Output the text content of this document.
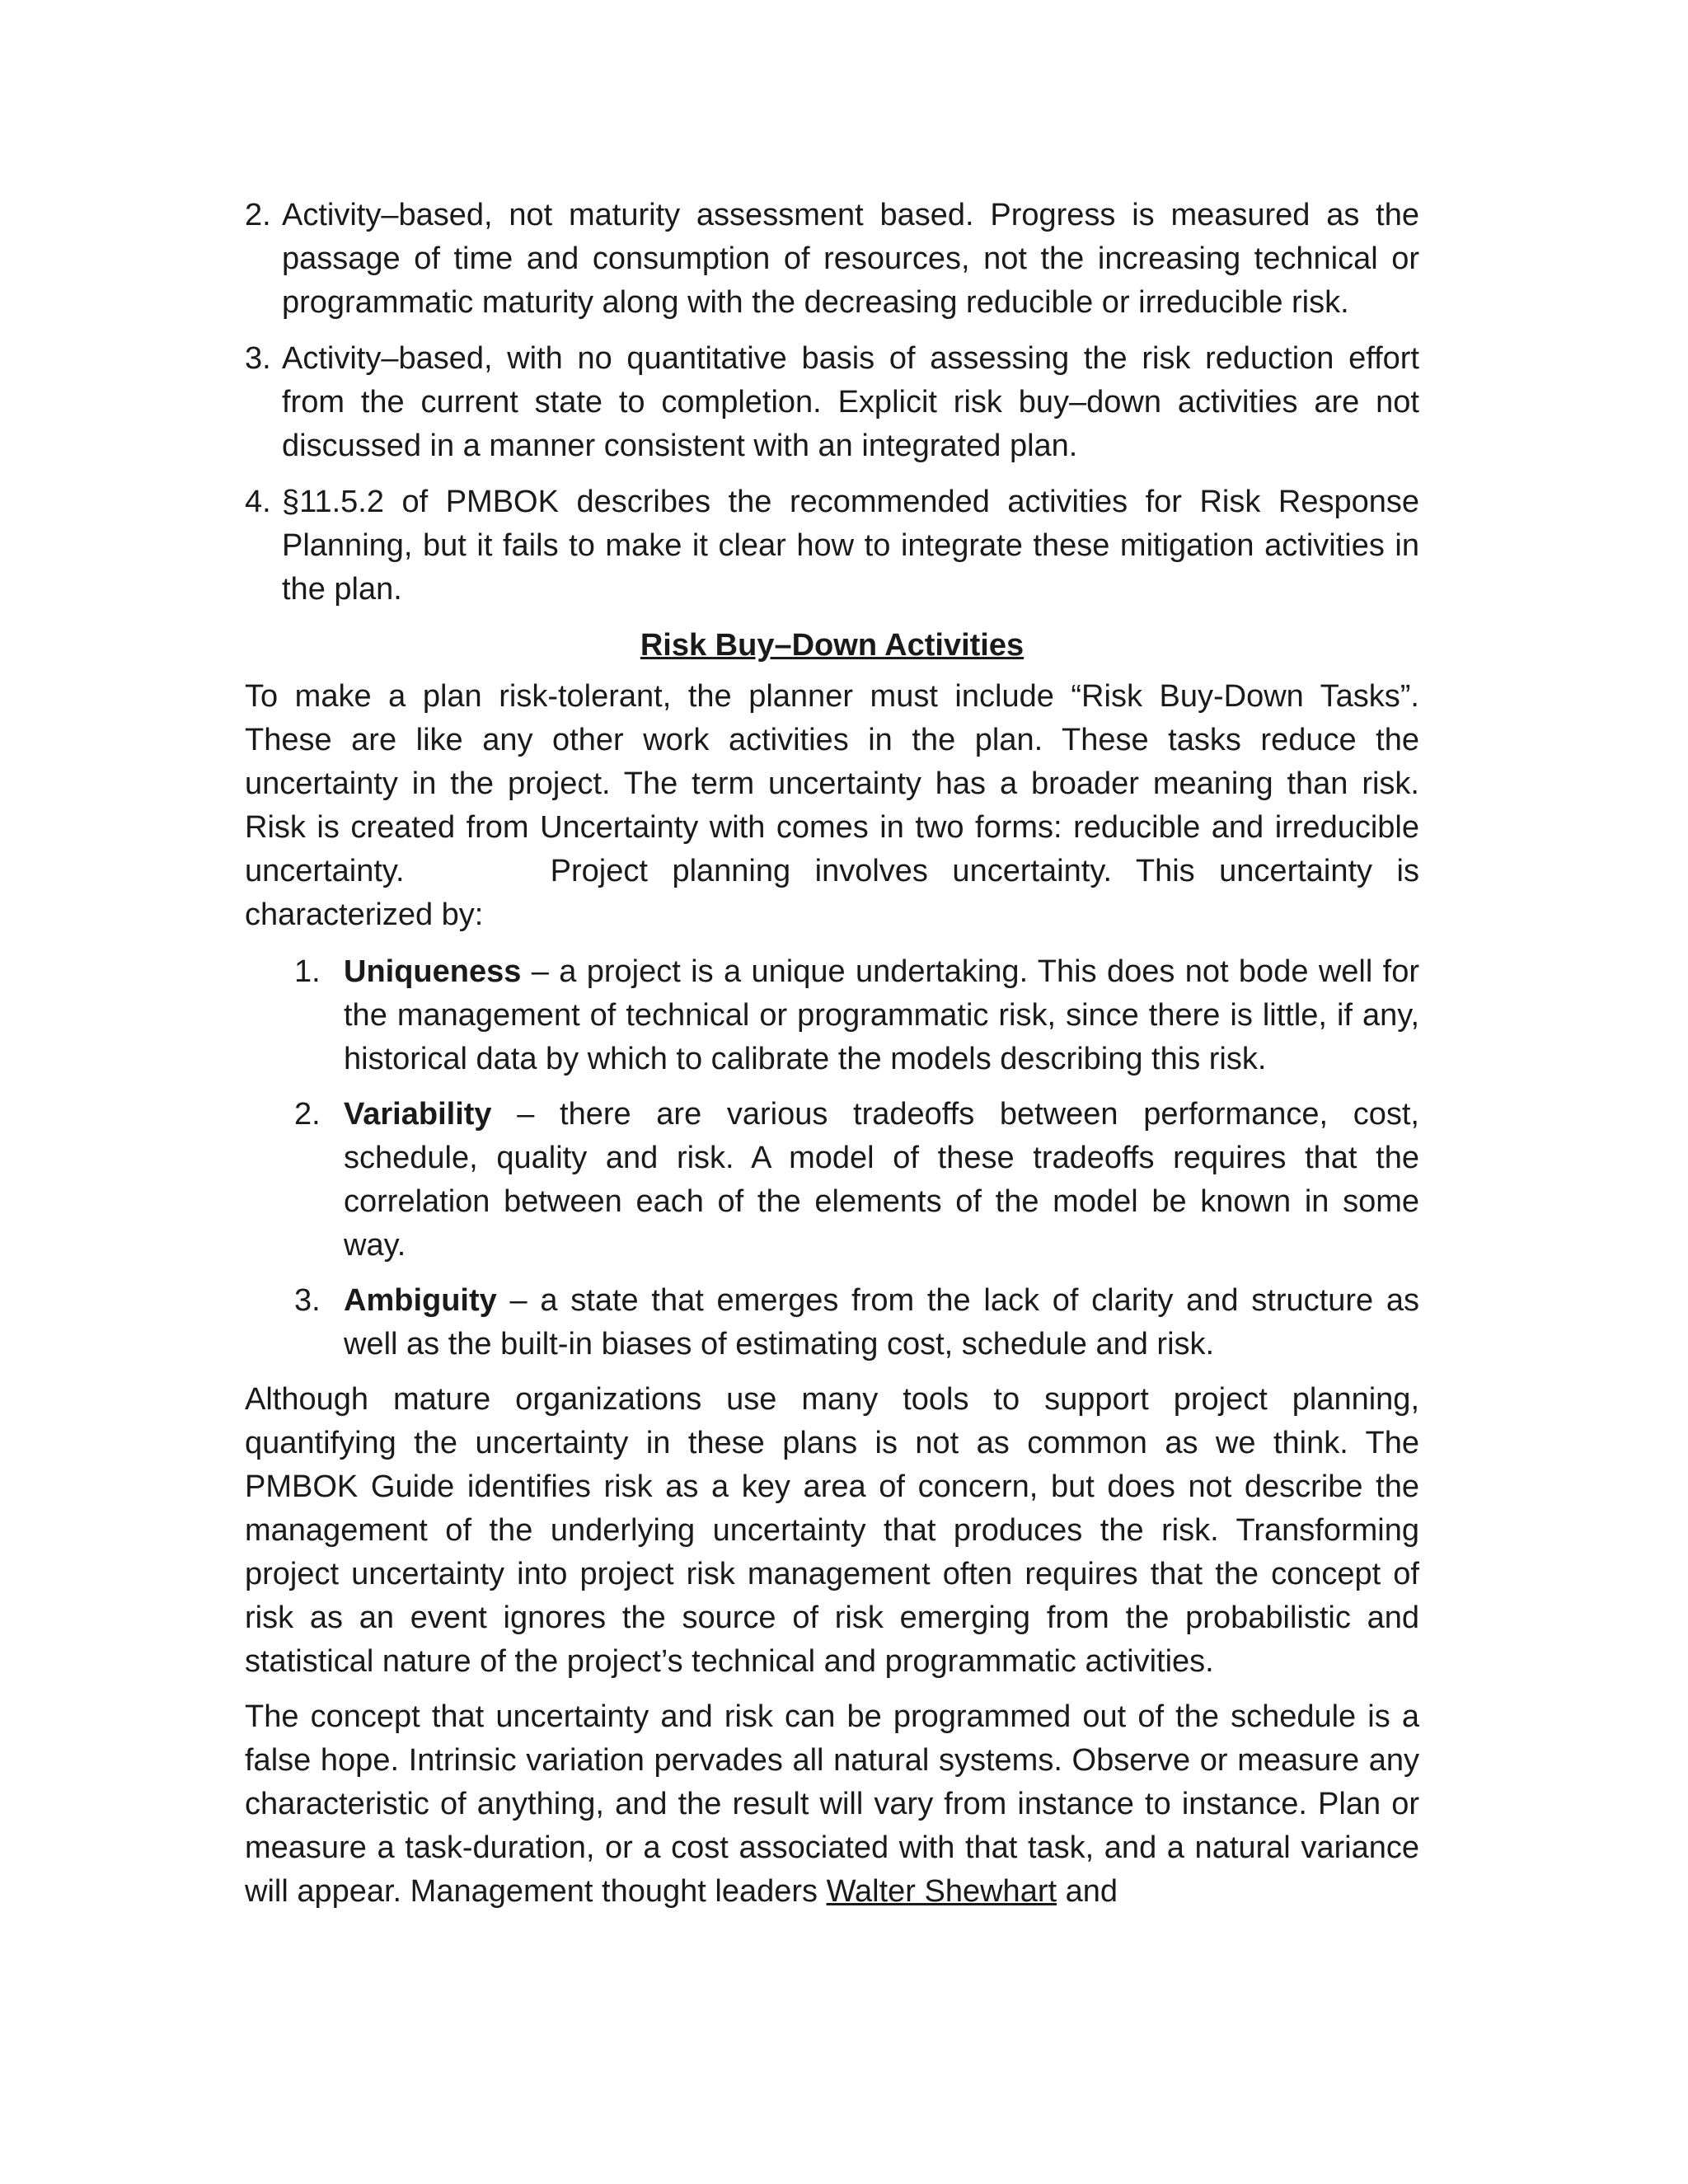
2. Activity–based, not maturity assessment based. Progress is measured as the passage of time and consumption of resources, not the increasing technical or programmatic maturity along with the decreasing reducible or irreducible risk.
3. Activity–based, with no quantitative basis of assessing the risk reduction effort from the current state to completion. Explicit risk buy–down activities are not discussed in a manner consistent with an integrated plan.
4. §11.5.2 of PMBOK describes the recommended activities for Risk Response Planning, but it fails to make it clear how to integrate these mitigation activities in the plan.
Risk Buy–Down Activities

To make a plan risk-tolerant, the planner must include “Risk Buy-Down Tasks”. These are like any other work activities in the plan. These tasks reduce the uncertainty in the project. The term uncertainty has a broader meaning than risk. Risk is created from Uncertainty with comes in two forms: reducible and irreducible uncertainty.      Project planning involves uncertainty. This uncertainty is characterized by:

1. Uniqueness – a project is a unique undertaking. This does not bode well for the management of technical or programmatic risk, since there is little, if any, historical data by which to calibrate the models describing this risk.
2. Variability – there are various tradeoffs between performance, cost, schedule, quality and risk. A model of these tradeoffs requires that the correlation between each of the elements of the model be known in some way.
3. Ambiguity – a state that emerges from the lack of clarity and structure as well as the built-in biases of estimating cost, schedule and risk.

Although mature organizations use many tools to support project planning, quantifying the uncertainty in these plans is not as common as we think. The PMBOK Guide identifies risk as a key area of concern, but does not describe the management of the underlying uncertainty that produces the risk. Transforming project uncertainty into project risk management often requires that the concept of risk as an event ignores the source of risk emerging from the probabilistic and statistical nature of the project’s technical and programmatic activities.

The concept that uncertainty and risk can be programmed out of the schedule is a false hope. Intrinsic variation pervades all natural systems. Observe or measure any characteristic of anything, and the result will vary from instance to instance. Plan or measure a task-duration, or a cost associated with that task, and a natural variance will appear. Management thought leaders Walter Shewhart and
